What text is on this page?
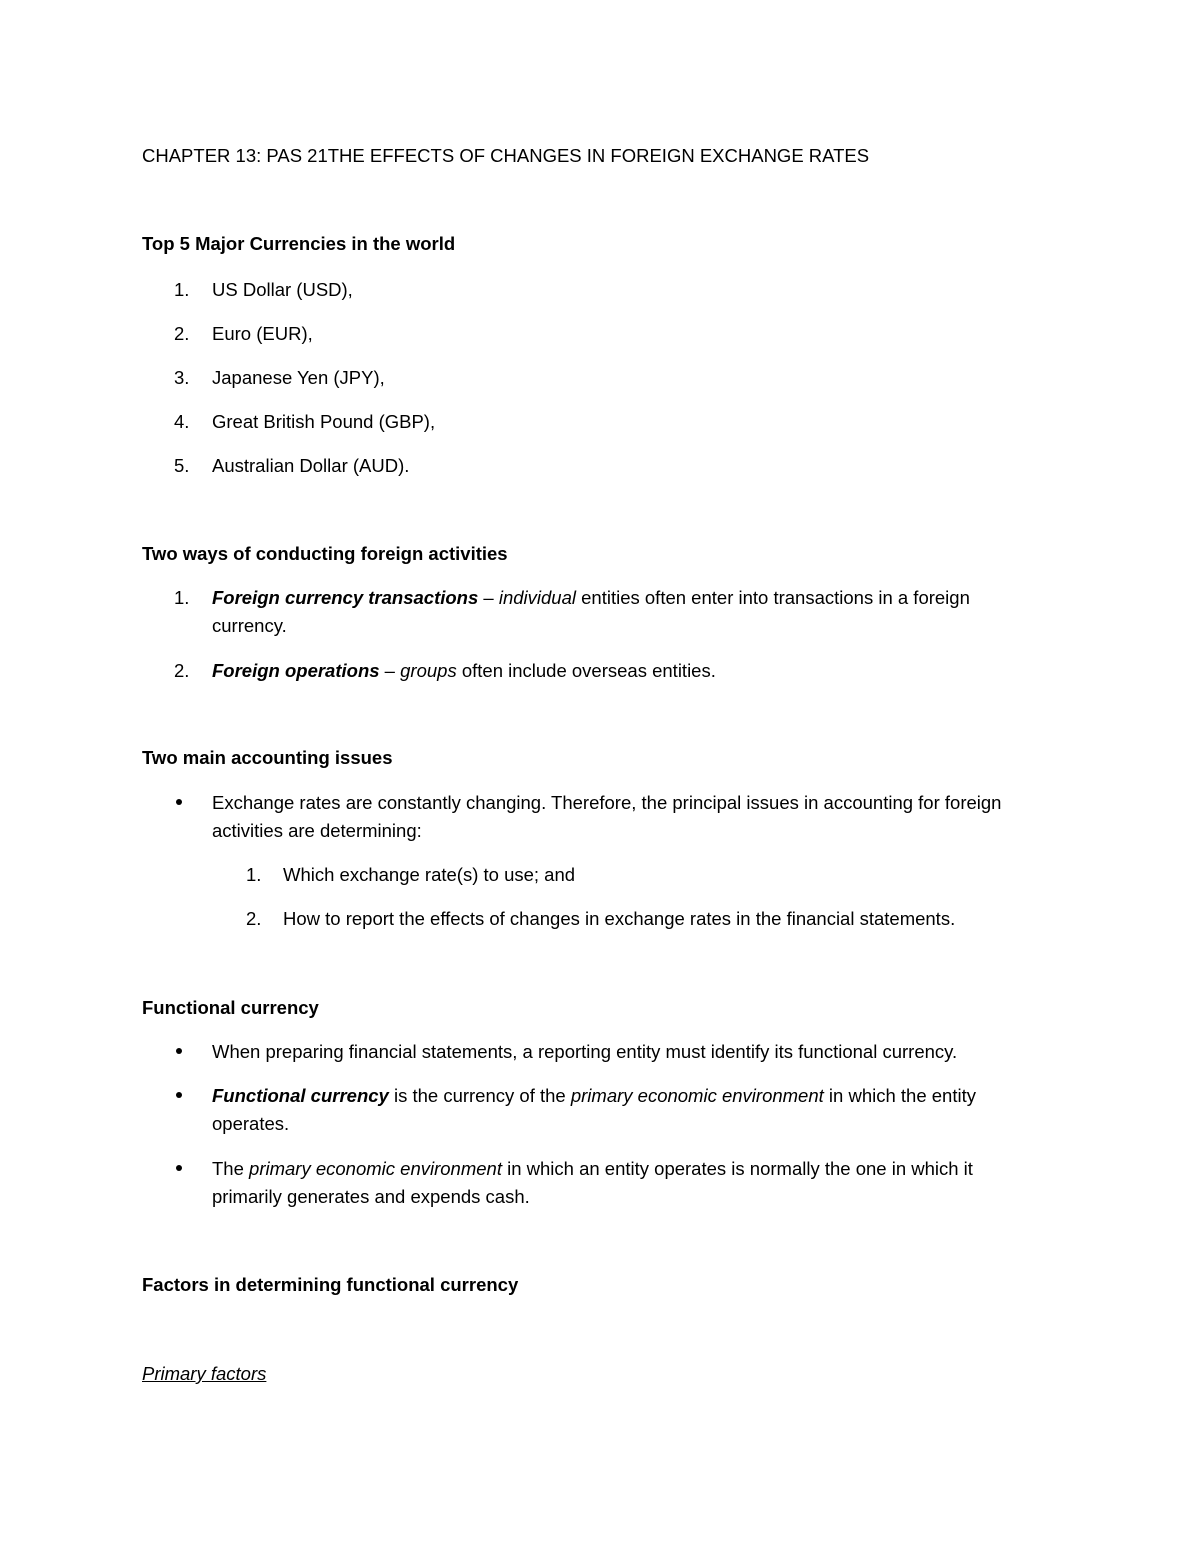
CHAPTER 13: PAS 21THE EFFECTS OF CHANGES IN FOREIGN EXCHANGE RATES
Top 5 Major Currencies in the world
1. US Dollar (USD),
2. Euro (EUR),
3. Japanese Yen (JPY),
4. Great British Pound (GBP),
5. Australian Dollar (AUD).
Two ways of conducting foreign activities
1. Foreign currency transactions – individual entities often enter into transactions in a foreign
currency.
2. Foreign operations – groups often include overseas entities.
Two main accounting issues
Exchange rates are constantly changing. Therefore, the principal issues in accounting for foreign
activities are determining:
1. Which exchange rate(s) to use; and
2. How to report the effects of changes in exchange rates in the financial statements.
Functional currency
When preparing financial statements, a reporting entity must identify its functional currency.
Functional currency is the currency of the primary economic environment in which the entity
operates.
The primary economic environment in which an entity operates is normally the one in which it
primarily generates and expends cash.
Factors in determining functional currency
Primary factors
